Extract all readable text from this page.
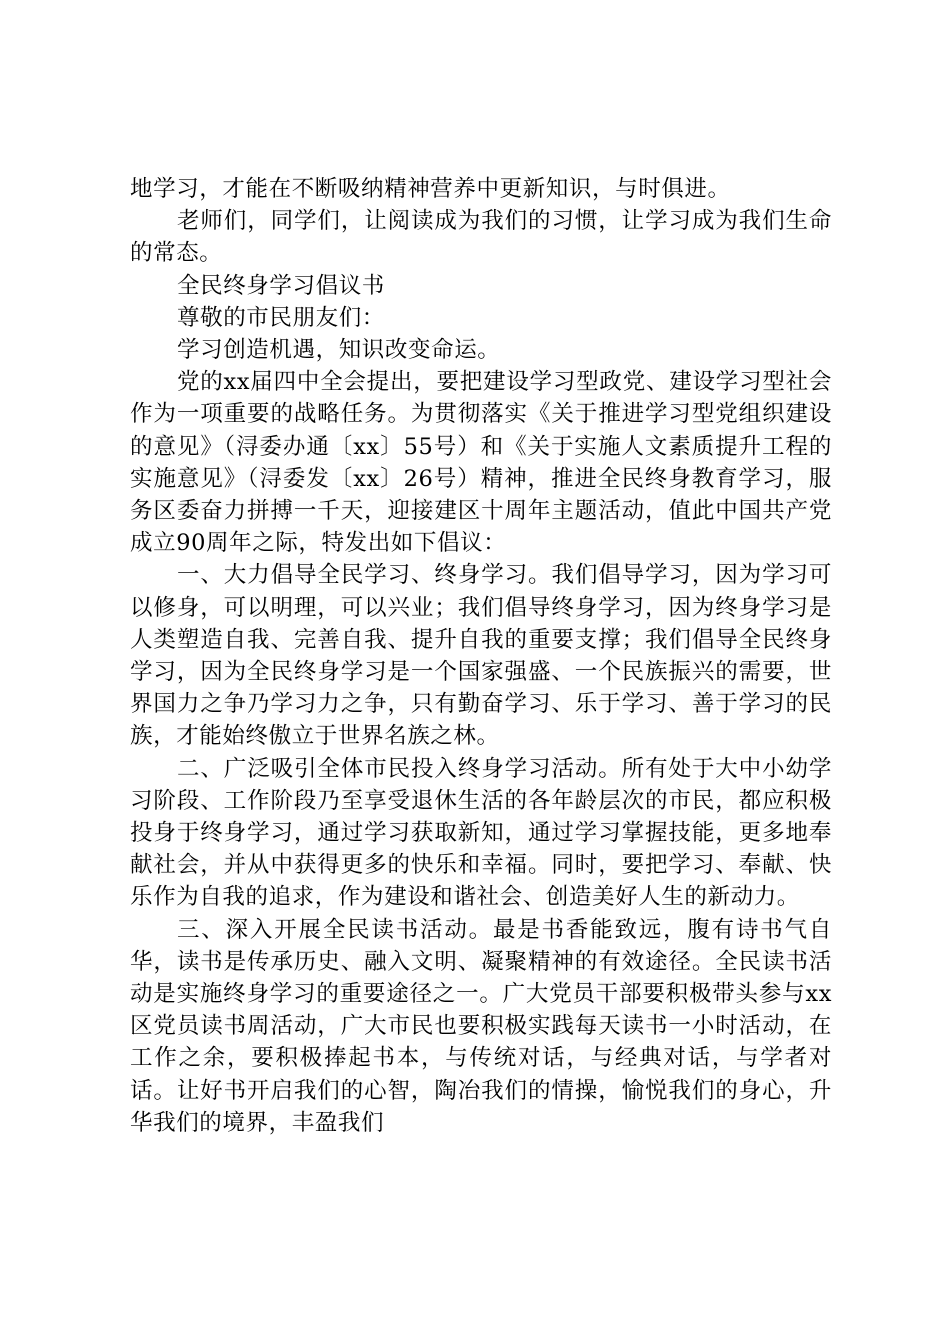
地学习，才能在不断吸纳精神营养中更新知识，与时俱进。

老师们，同学们，让阅读成为我们的习惯，让学习成为我们生命的常态。

全民终身学习倡议书

尊敬的市民朋友们：

学习创造机遇，知识改变命运。

党的xx届四中全会提出，要把建设学习型政党、建设学习型社会作为一项重要的战略任务。为贯彻落实《关于推进学习型党组织建设的意见》（浔委办通〔xx〕55号）和《关于实施人文素质提升工程的实施意见》（浔委发〔xx〕26号）精神，推进全民终身教育学习，服务区委奋力拼搏一千天，迎接建区十周年主题活动，值此中国共产党成立90周年之际，特发出如下倡议：

一、大力倡导全民学习、终身学习。我们倡导学习，因为学习可以修身，可以明理，可以兴业；我们倡导终身学习，因为终身学习是人类塑造自我、完善自我、提升自我的重要支撑；我们倡导全民终身学习，因为全民终身学习是一个国家强盛、一个民族振兴的需要，世界国力之争乃学习力之争，只有勤奋学习、乐于学习、善于学习的民族，才能始终傲立于世界名族之林。

二、广泛吸引全体市民投入终身学习活动。所有处于大中小幼学习阶段、工作阶段乃至享受退休生活的各年龄层次的市民，都应积极投身于终身学习，通过学习获取新知，通过学习掌握技能，更多地奉献社会，并从中获得更多的快乐和幸福。同时，要把学习、奉献、快乐作为自我的追求，作为建设和谐社会、创造美好人生的新动力。

三、深入开展全民读书活动。最是书香能致远，腹有诗书气自华，读书是传承历史、融入文明、凝聚精神的有效途径。全民读书活动是实施终身学习的重要途径之一。广大党员干部要积极带头参与xx区党员读书周活动，广大市民也要积极实践每天读书一小时活动，在工作之余，要积极捧起书本，与传统对话，与经典对话，与学者对话。让好书开启我们的心智，陶冶我们的情操，愉悦我们的身心，升华我们的境界，丰盈我们
